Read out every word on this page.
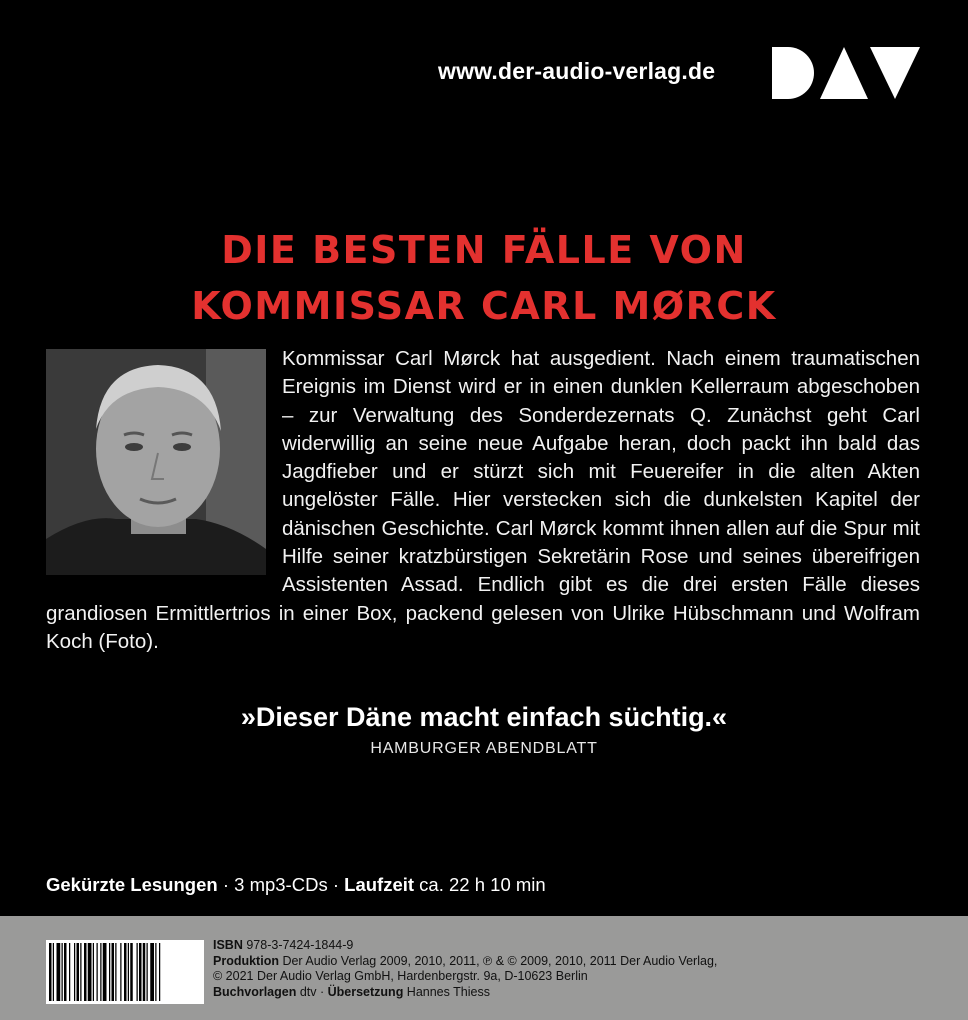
www.der-audio-verlag.de
DIE BESTEN FÄLLE VON
KOMMISSAR CARL MØRCK
Kommissar Carl Mørck hat ausgedient. Nach einem traumatischen Ereignis im Dienst wird er in einen dunklen Kellerraum abgeschoben – zur Verwaltung des Sonderdezernats Q. Zunächst geht Carl widerwillig an seine neue Aufgabe heran, doch packt ihn bald das Jagdfieber und er stürzt sich mit Feuereifer in die alten Akten ungelöster Fälle. Hier verstecken sich die dunkelsten Kapitel der dänischen Geschichte. Carl Mørck kommt ihnen allen auf die Spur mit Hilfe seiner kratzbürstigen Sekretärin Rose und seines übereifrigen Assistenten Assad. Endlich gibt es die drei ersten Fälle dieses grandiosen Ermittlertrios in einer Box, packend gelesen von Ulrike Hübschmann und Wolfram Koch (Foto).
»Dieser Däne macht einfach süchtig.«
HAMBURGER ABENDBLATT
Gekürzte Lesungen · 3 mp3-CDs · Laufzeit ca. 22 h 10 min
ISBN 978-3-7424-1844-9
Produktion Der Audio Verlag 2009, 2010, 2011, ℗ & © 2009, 2010, 2011 Der Audio Verlag,
© 2021 Der Audio Verlag GmbH, Hardenbergstr. 9a, D-10623 Berlin
Buchvorlagen dtv · Übersetzung Hannes Thiess
